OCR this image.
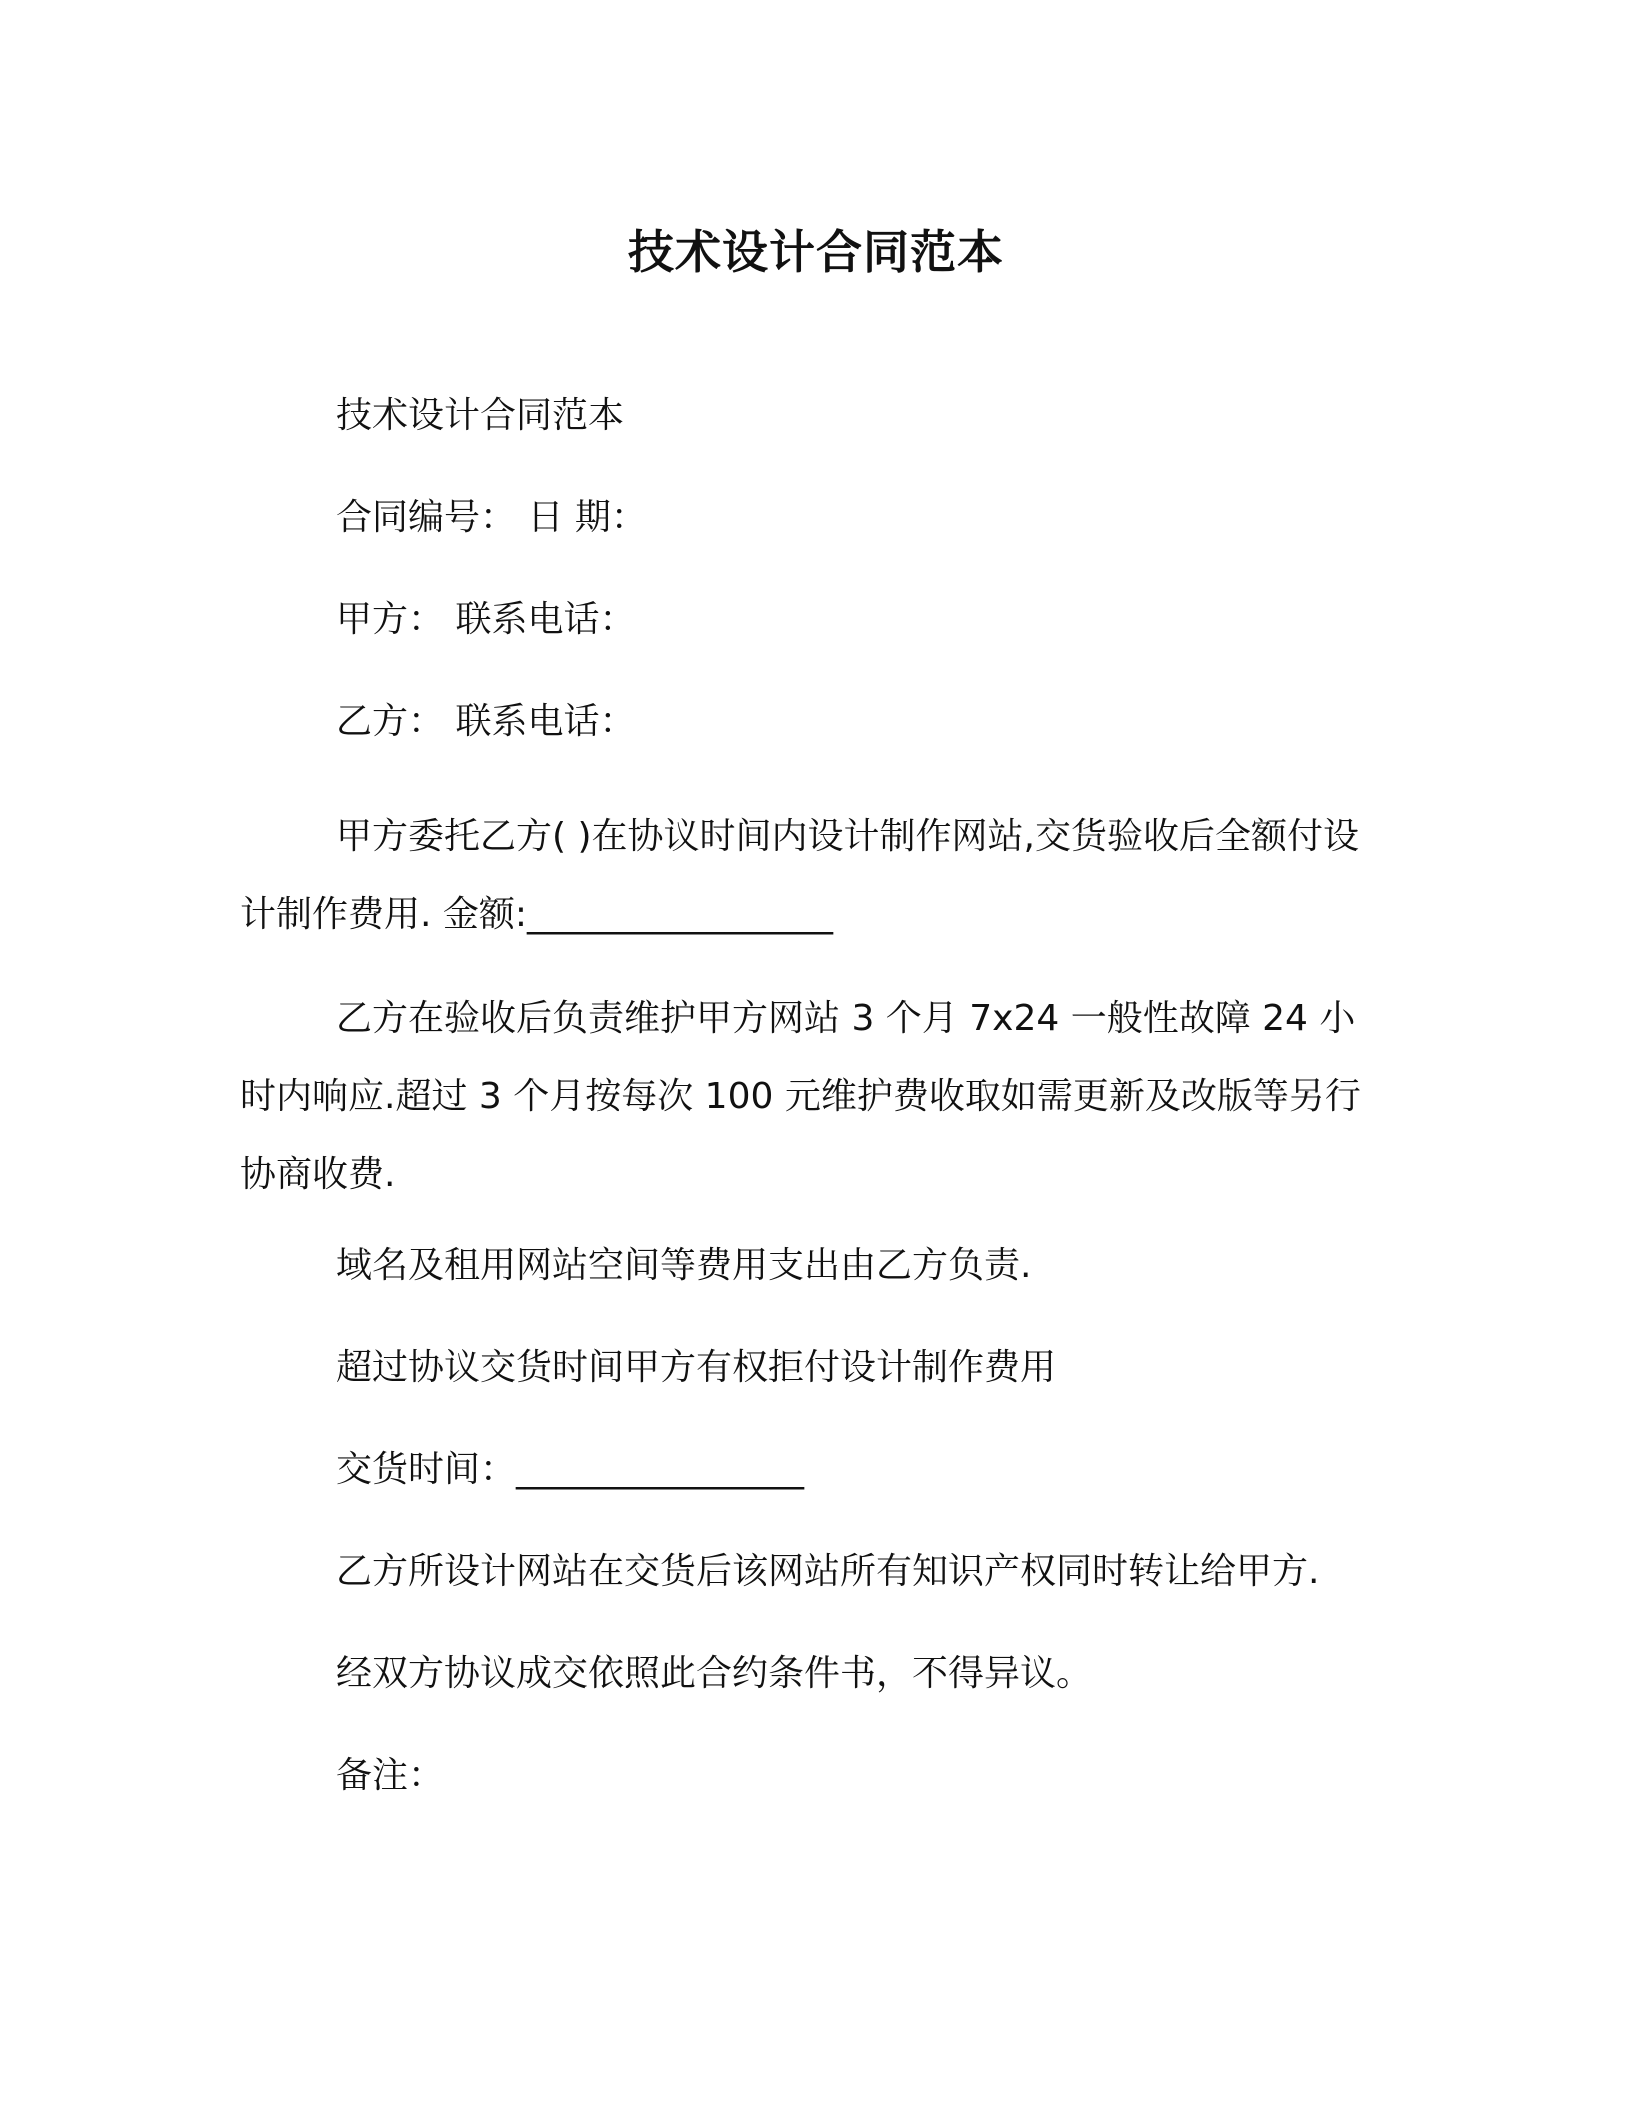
技术设计合同范本

技术设计合同范本

合同编号： 日 期：

甲方： 联系电话：

乙方： 联系电话：

甲方委托乙方( )在协议时间内设计制作网站,交货验收后全额付设计制作费用. 金额:_________________

乙方在验收后负责维护甲方网站 3 个月 7x24 一般性故障 24 小时内响应.超过 3 个月按每次 100 元维护费收取如需更新及改版等另行协商收费.

域名及租用网站空间等费用支出由乙方负责.

超过协议交货时间甲方有权拒付设计制作费用

交货时间：________________

乙方所设计网站在交货后该网站所有知识产权同时转让给甲方.

经双方协议成交依照此合约条件书，不得异议。

备注：
